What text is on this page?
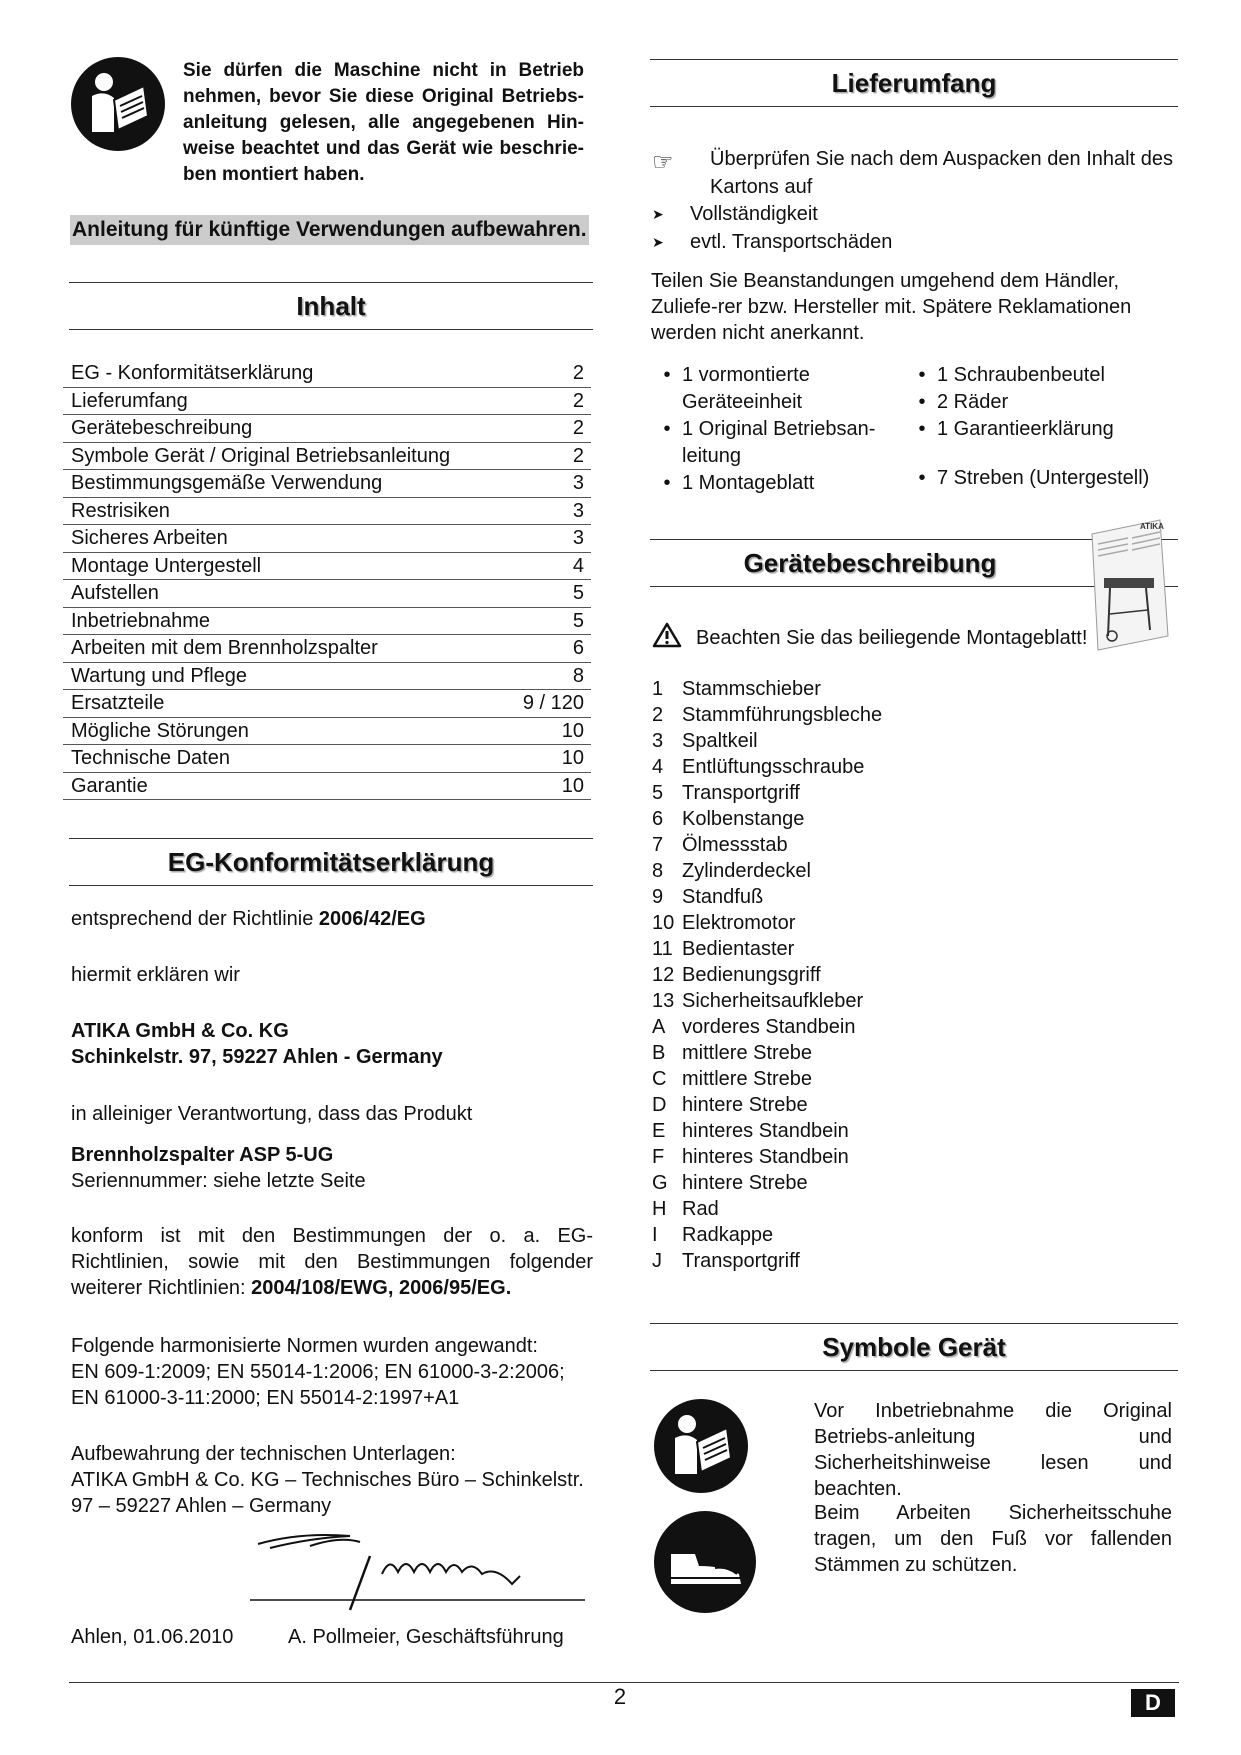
Sie dürfen die Maschine nicht in Betrieb nehmen, bevor Sie diese Original Betriebs-anleitung gelesen, alle angegebenen Hin-weise beachtet und das Gerät wie beschrie-ben montiert haben.
Anleitung für künftige Verwendungen aufbewahren.
Inhalt
EG - Konformitätserklärung	2
Lieferumfang	2
Gerätebeschreibung	2
Symbole Gerät / Original Betriebsanleitung	2
Bestimmungsgemäße Verwendung	3
Restrisiken	3
Sicheres Arbeiten	3
Montage Untergestell	4
Aufstellen	5
Inbetriebnahme	5
Arbeiten mit dem Brennholzspalter	6
Wartung und Pflege	8
Ersatzteile	9 / 120
Mögliche Störungen	10
Technische Daten	10
Garantie	10
EG-Konformitätserklärung
entsprechend der Richtlinie 2006/42/EG
hiermit erklären wir
ATIKA GmbH & Co. KG
Schinkelstr. 97, 59227 Ahlen - Germany
in alleiniger Verantwortung, dass das Produkt
Brennholzspalter ASP 5-UG
Seriennummer: siehe letzte Seite
konform ist mit den Bestimmungen der o. a. EG-Richtlinien, sowie mit den Bestimmungen folgender weiterer Richtlinien: 2004/108/EWG, 2006/95/EG.
Folgende harmonisierte Normen wurden angewandt:
EN 609-1:2009; EN 55014-1:2006; EN 61000-3-2:2006;
EN 61000-3-11:2000; EN 55014-2:1997+A1
Aufbewahrung der technischen Unterlagen:
ATIKA GmbH & Co. KG – Technisches Büro – Schinkelstr. 97 – 59227 Ahlen – Germany
Ahlen, 01.06.2010	A. Pollmeier, Geschäftsführung
Lieferumfang
☞ Überprüfen Sie nach dem Auspacken den Inhalt des Kartons auf
➤	Vollständigkeit
➤	evtl. Transportschäden
Teilen Sie Beanstandungen umgehend dem Händler, Zuliefe-rer bzw. Hersteller mit. Spätere Reklamationen werden nicht anerkannt.
• 1 vormontierte Geräteeinheit
• 1 Original Betriebsan-leitung
• 1 Montageblatt
• 1 Schraubenbeutel
• 2 Räder
• 1 Garantieerklärung
• 7 Streben (Untergestell)
Gerätebeschreibung
ATIKA
Beachten Sie das beiliegende Montageblatt!
1 Stammschieber
2 Stammführungsbleche
3 Spaltkeil
4 Entlüftungsschraube
5 Transportgriff
6 Kolbenstange
7 Ölmessstab
8 Zylinderdeckel
9 Standfuß
10 Elektromotor
11 Bedientaster
12 Bedienungsgriff
13 Sicherheitsaufkleber
A vorderes Standbein
B mittlere Strebe
C mittlere Strebe
D hintere Strebe
E hinteres Standbein
F hinteres Standbein
G hintere Strebe
H Rad
I	Radkappe
J	Transportgriff
Symbole Gerät
Vor Inbetriebnahme die Original Betriebs-anleitung und Sicherheitshinweise lesen und beachten.
Beim Arbeiten Sicherheitsschuhe tragen, um den Fuß vor fallenden Stämmen zu schützen.
2	D
